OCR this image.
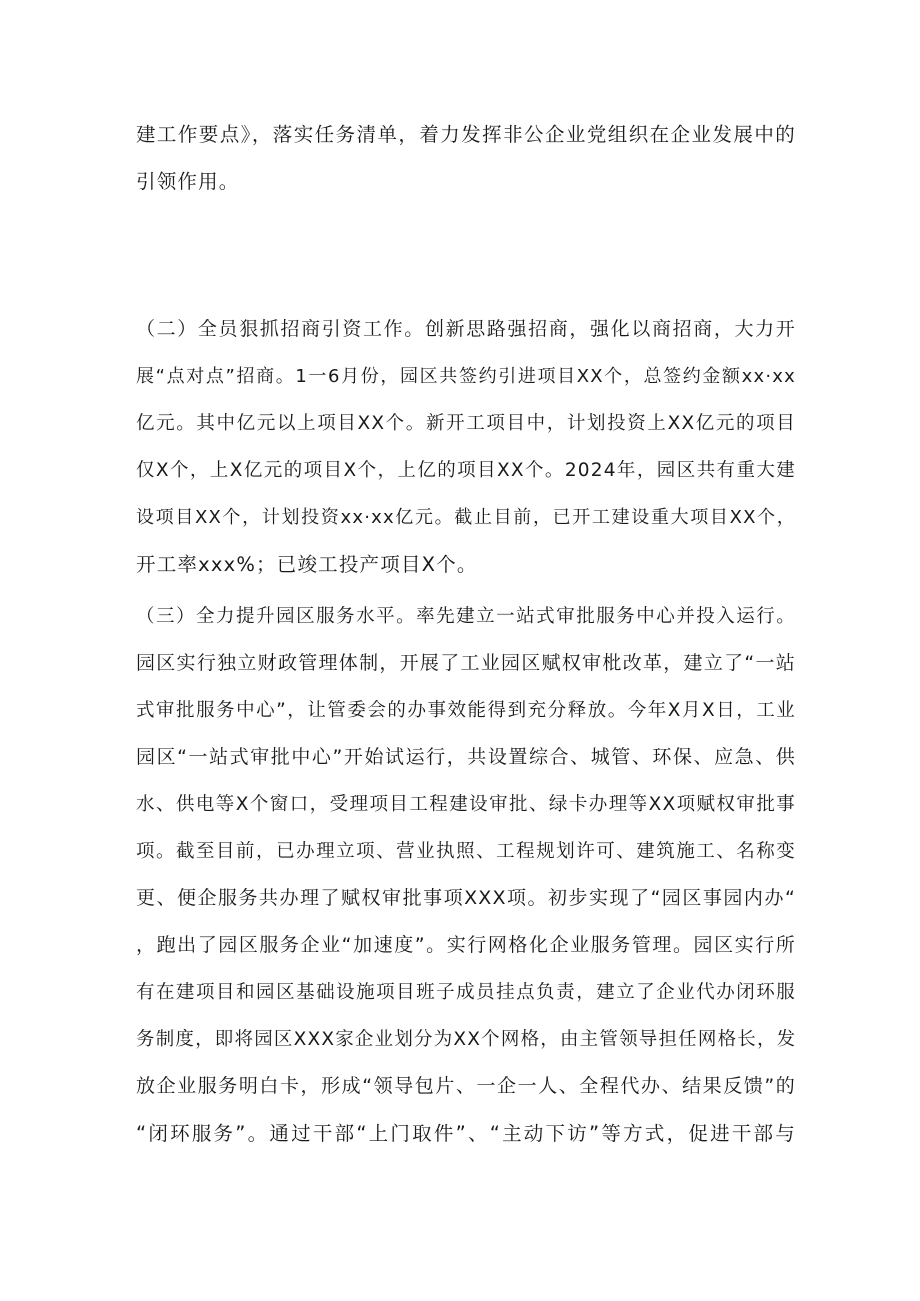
建工作要点》，落实任务清单，着力发挥非公企业党组织在企业发展中的
引领作用。
（二）全员狠抓招商引资工作。创新思路强招商，强化以商招商，大力开
展“点对点”招商。1一6月份，园区共签约引进项目XX个，总签约金额xx·xx
亿元。其中亿元以上项目XX个。新开工项目中，计划投资上XX亿元的项目
仅X个，上X亿元的项目X个，上亿的项目XX个。2024年，园区共有重大建
设项目XX个，计划投资xx·xx亿元。截止目前，已开工建设重大项目XX个，
开工率xxx%；已竣工投产项目X个。
（三）全力提升园区服务水平。率先建立一站式审批服务中心并投入运行。
园区实行独立财政管理体制，开展了工业园区赋权审枇改革，建立了“一站
式审批服务中心”，让管委会的办事效能得到充分释放。今年X月X日，工业
园区“一站式审批中心”开始试运行，共设置综合、城管、环保、应急、供
水、供电等X个窗口，受理项目工程建设审批、绿卡办理等XX项赋权审批事
项。截至目前，已办理立项、营业执照、工程规划许可、建筑施工、名称变
更、便企服务共办理了赋权审批事项XXX项。初步实现了“园区事园内办“
，跑出了园区服务企业“加速度”。实行网格化企业服务管理。园区实行所
有在建项目和园区基础设施项目班子成员挂点负责，建立了企业代办闭环服
务制度，即将园区XXX家企业划分为XX个网格，由主管领导担任网格长，发
放企业服务明白卡，形成“领导包片、一企一人、全程代办、结果反馈”的
“闭环服务”。通过干部“上门取件”、“主动下访”等方式，促进干部与
